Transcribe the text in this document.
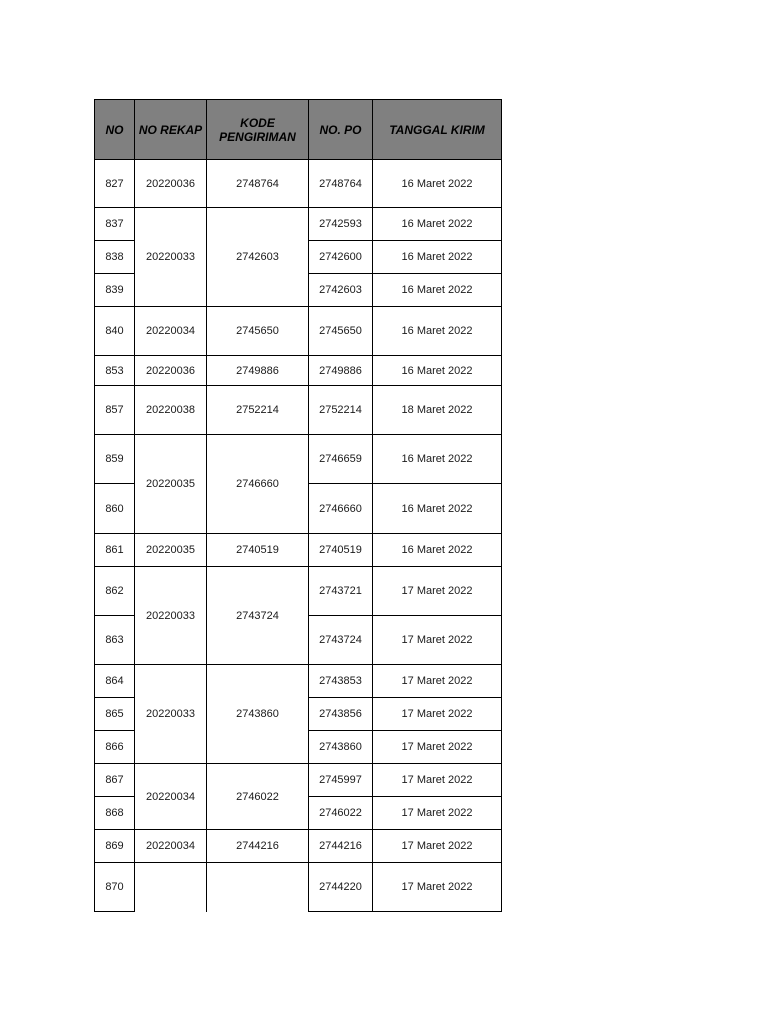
NO	NO REKAP	KODE PENGIRIMAN	NO. PO	TANGGAL KIRIM
827	20220036	2748764	2748764	16 Maret 2022
837	20220033	2742603	2742593	16 Maret 2022
838			2742600	16 Maret 2022
839			2742603	16 Maret 2022
840	20220034	2745650	2745650	16 Maret 2022
853	20220036	2749886	2749886	16 Maret 2022
857	20220038	2752214	2752214	18 Maret 2022
859	20220035	2746660	2746659	16 Maret 2022
860			2746660	16 Maret 2022
861	20220035	2740519	2740519	16 Maret 2022
862	20220033	2743724	2743721	17 Maret 2022
863			2743724	17 Maret 2022
864	20220033	2743860	2743853	17 Maret 2022
865			2743856	17 Maret 2022
866			2743860	17 Maret 2022
867	20220034	2746022	2745997	17 Maret 2022
868			2746022	17 Maret 2022
869	20220034	2744216	2744216	17 Maret 2022
870			2744220	17 Maret 2022
